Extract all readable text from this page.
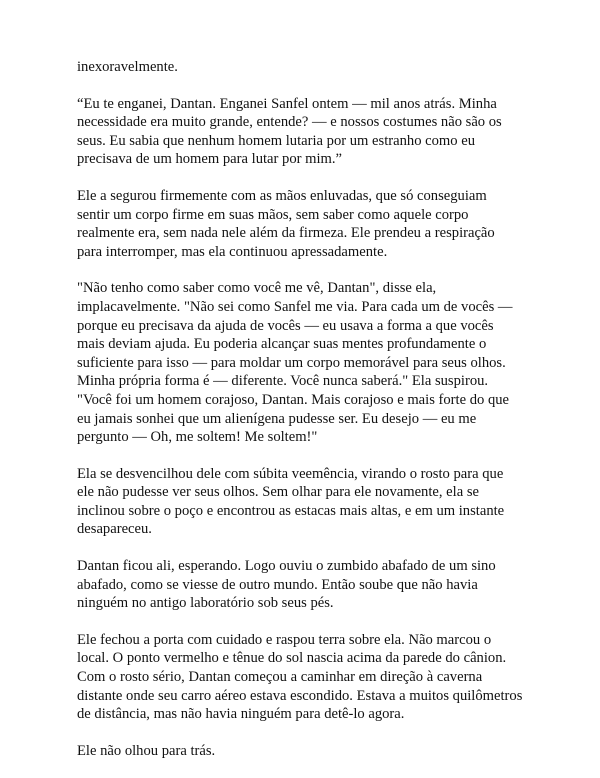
inexoravelmente.

“Eu te enganei, Dantan. Enganei Sanfel ontem — mil anos atrás. Minha
necessidade era muito grande, entende? — e nossos costumes não são os
seus. Eu sabia que nenhum homem lutaria por um estranho como eu
precisava de um homem para lutar por mim.”

Ele a segurou firmemente com as mãos enluvadas, que só conseguiam
sentir um corpo firme em suas mãos, sem saber como aquele corpo
realmente era, sem nada nele além da firmeza. Ele prendeu a respiração
para interromper, mas ela continuou apressadamente.

"Não tenho como saber como você me vê, Dantan", disse ela,
implacavelmente. "Não sei como Sanfel me via. Para cada um de vocês —
porque eu precisava da ajuda de vocês — eu usava a forma a que vocês
mais deviam ajuda. Eu poderia alcançar suas mentes profundamente o
suficiente para isso — para moldar um corpo memorável para seus olhos.
Minha própria forma é — diferente. Você nunca saberá." Ela suspirou.
"Você foi um homem corajoso, Dantan. Mais corajoso e mais forte do que
eu jamais sonhei que um alienígena pudesse ser. Eu desejo — eu me
pergunto — Oh, me soltem! Me soltem!"

Ela se desvencilhou dele com súbita veemência, virando o rosto para que
ele não pudesse ver seus olhos. Sem olhar para ele novamente, ela se
inclinou sobre o poço e encontrou as estacas mais altas, e em um instante
desapareceu.

Dantan ficou ali, esperando. Logo ouviu o zumbido abafado de um sino
abafado, como se viesse de outro mundo. Então soube que não havia
ninguém no antigo laboratório sob seus pés.

Ele fechou a porta com cuidado e raspou terra sobre ela. Não marcou o
local. O ponto vermelho e tênue do sol nascia acima da parede do cânion.
Com o rosto sério, Dantan começou a caminhar em direção à caverna
distante onde seu carro aéreo estava escondido. Estava a muitos quilômetros
de distância, mas não havia ninguém para detê-lo agora.

Ele não olhou para trás.
